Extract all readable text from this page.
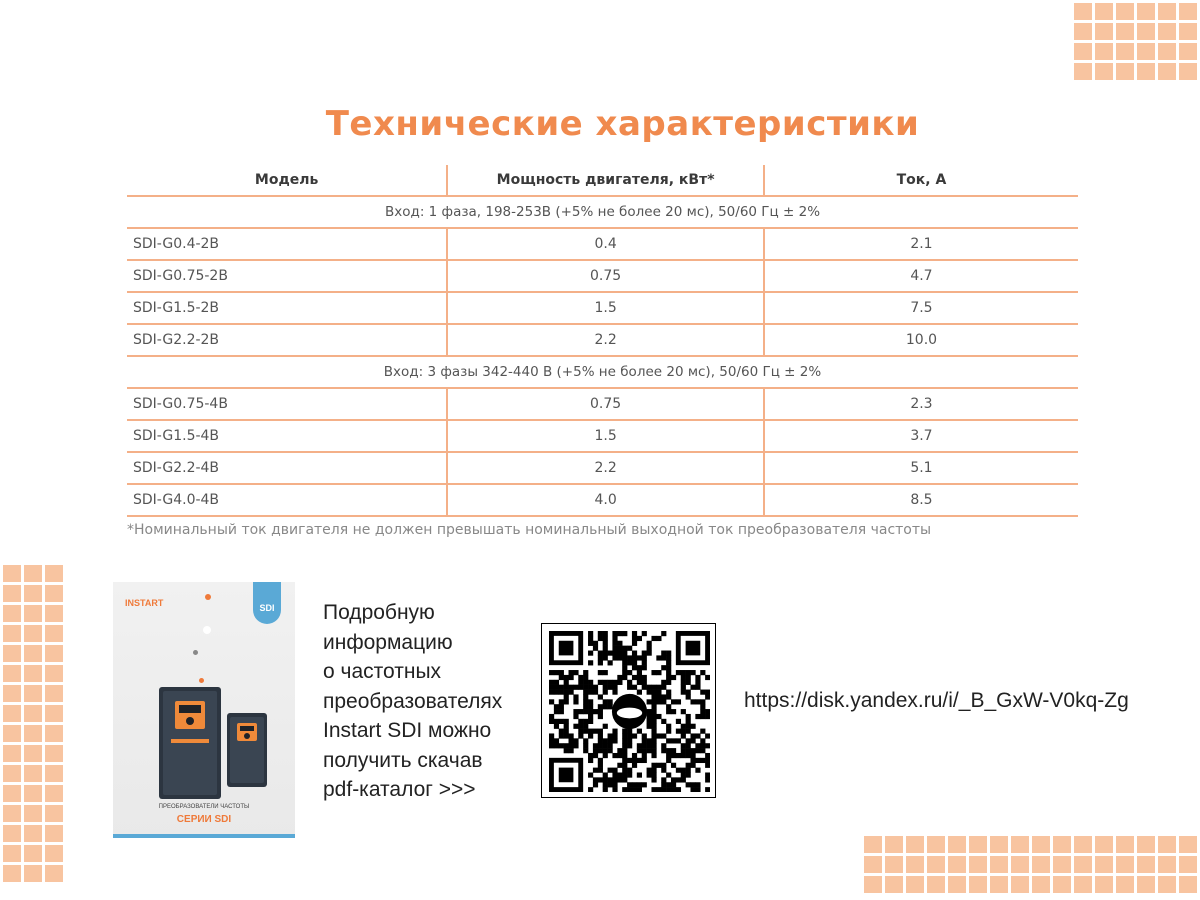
Технические характеристики
Модель	Мощность двигателя, кВт*	Ток, А
Вход: 1 фаза, 198-253В (+5% не более 20 мс), 50/60 Гц ± 2%		
SDI-G0.4-2B	0.4	2.1
SDI-G0.75-2B	0.75	4.7
SDI-G1.5-2B	1.5	7.5
SDI-G2.2-2B	2.2	10.0
Вход: 3 фазы 342-440 В (+5% не более 20 мс), 50/60 Гц ± 2%		
SDI-G0.75-4B	0.75	2.3
SDI-G1.5-4B	1.5	3.7
SDI-G2.2-4B	2.2	5.1
SDI-G4.0-4B	4.0	8.5
*Номинальный ток двигателя не должен превышать номинальный выходной ток преобразователя частоты
INSTART	SDI
ПРЕОБРАЗОВАТЕЛИ ЧАСТОТЫ
СЕРИИ SDI
Подробную
информацию
о частотных
преобразователях
Instart SDI можно
получить скачав
pdf-каталог >>>
https://disk.yandex.ru/i/_B_GxW-V0kq-Zg
